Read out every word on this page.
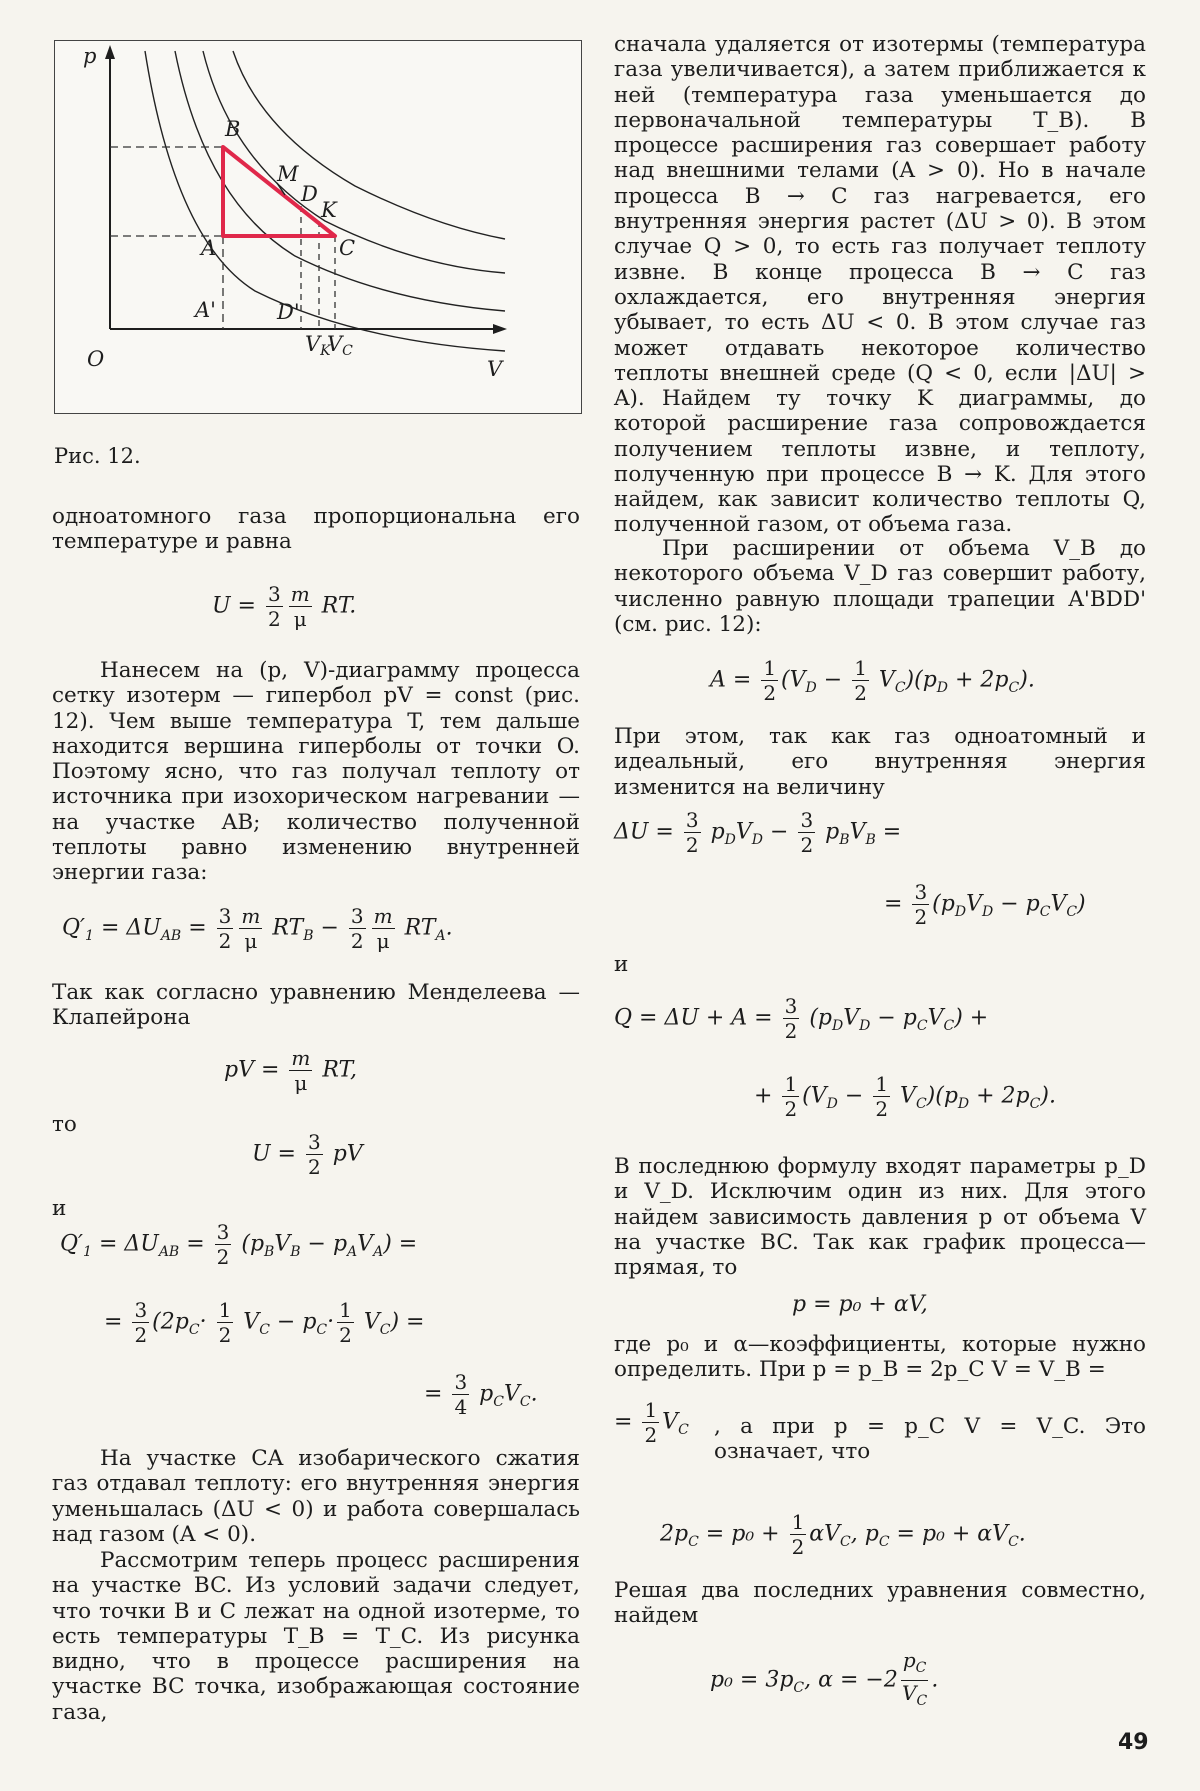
p
V
O
B
M
D
K
C
A
A'	D'
VK
VC
Рис. 12.

одноатомного газа пропорциональна его температуре и равна

$U = \frac{3}{2} \frac{m}{\mu}$ RT.

Нанесем на (p, V)-диаграмму процесса сетку изотерм — гипербол pV = const (рис. 12). Чем выше температура T, тем дальше находится вершина гиперболы от точки O. Поэтому ясно, что газ получал теплоту от источника при изохорическом нагревании — на участке AB; количество полученной теплоты равно изменению внутренней энергии газа:

$Q'_1 = \Delta U_{AB} = \frac{3}{2} \frac{m}{\mu} RT_B - \frac{3}{2} \frac{m}{\mu} RT_A$.

Так как согласно уравнению Менделеева — Клапейрона

pV = $\frac{m}{\mu}$ RT,
то
$U = \frac{3}{2}$ pV
и
$Q'_1 = \Delta U_{AB} = \frac{3}{2} (p_BV_B - p_AV_A)$ =
= $\frac{3}{2} (2p_C\cdot \frac{1}{2} V_C - p_C\cdot \frac{1}{2} V_C)$ =
= $\frac{3}{4} p_CV_C$.

На участке CA изобарического сжатия газ отдавал теплоту: его внутренняя энергия уменьшалась (ΔU < 0) и работа совершалась над газом (A < 0).

Рассмотрим теперь процесс расширения на участке BC. Из условий задачи следует, что точки B и C лежат на одной изотерме, то есть температуры T_B = T_C. Из рисунка видно, что в процессе расширения на участке BC точка, изображающая состояние газа,

сначала удаляется от изотермы (температура газа увеличивается), а затем приближается к ней (температура газа уменьшается до первоначальной температуры T_B). В процессе расширения газ совершает работу над внешними телами (A > 0). Но в начале процесса B → C газ нагревается, его внутренняя энергия растет (ΔU > 0). В этом случае Q > 0, то есть газ получает теплоту извне. В конце процесса B → C газ охлаждается, его внутренняя энергия убывает, то есть ΔU < 0. В этом случае газ может отдавать некоторое количество теплоты внешней среде (Q < 0, если |ΔU| > A). Найдем ту точку K диаграммы, до которой расширение газа сопровождается получением теплоты извне, и теплоту, полученную при процессе B → K. Для этого найдем, как зависит количество теплоты Q, полученной газом, от объема газа.

При расширении от объема V_B до некоторого объема V_D газ совершит работу, численно равную площади трапеции A'BDD' (см. рис. 12):

$A = \frac{1}{2} (V_D - \frac{1}{2} V_C)(p_D + 2p_C)$.

При этом, так как газ одноатомный и идеальный, его внутренняя энергия изменится на величину

$\Delta U = \frac{3}{2} p_DV_D - \frac{3}{2} p_BV_B$ =
= $\frac{3}{2} (p_DV_D - p_CV_C)$
и
$Q = \Delta U + A = \frac{3}{2} (p_DV_D - p_CV_C)$ +
+ $\frac{1}{2} (V_D - \frac{1}{2} V_C)(p_D + 2p_C)$.

В последнюю формулу входят параметры p_D и V_D. Исключим один из них. Для этого найдем зависимость давления p от объема V на участке BC. Так как график процесса—прямая, то

p = p₀ + αV,

где p₀ и α—коэффициенты, которые нужно определить. При p = p_B = 2p_C V = V_B =

= $\frac{1}{2} V_C$ , а при p = p_C V = V_C. Это означает, что
$2p_C = p_0 + \frac{1}{2} \alpha V_C$, $p_C = p_0 + \alpha V_C$.

Решая два последних уравнения совместно, найдем

$p_0 = 3p_C$, $\alpha = -2 \frac{p_C}{V_C}$ .
49
